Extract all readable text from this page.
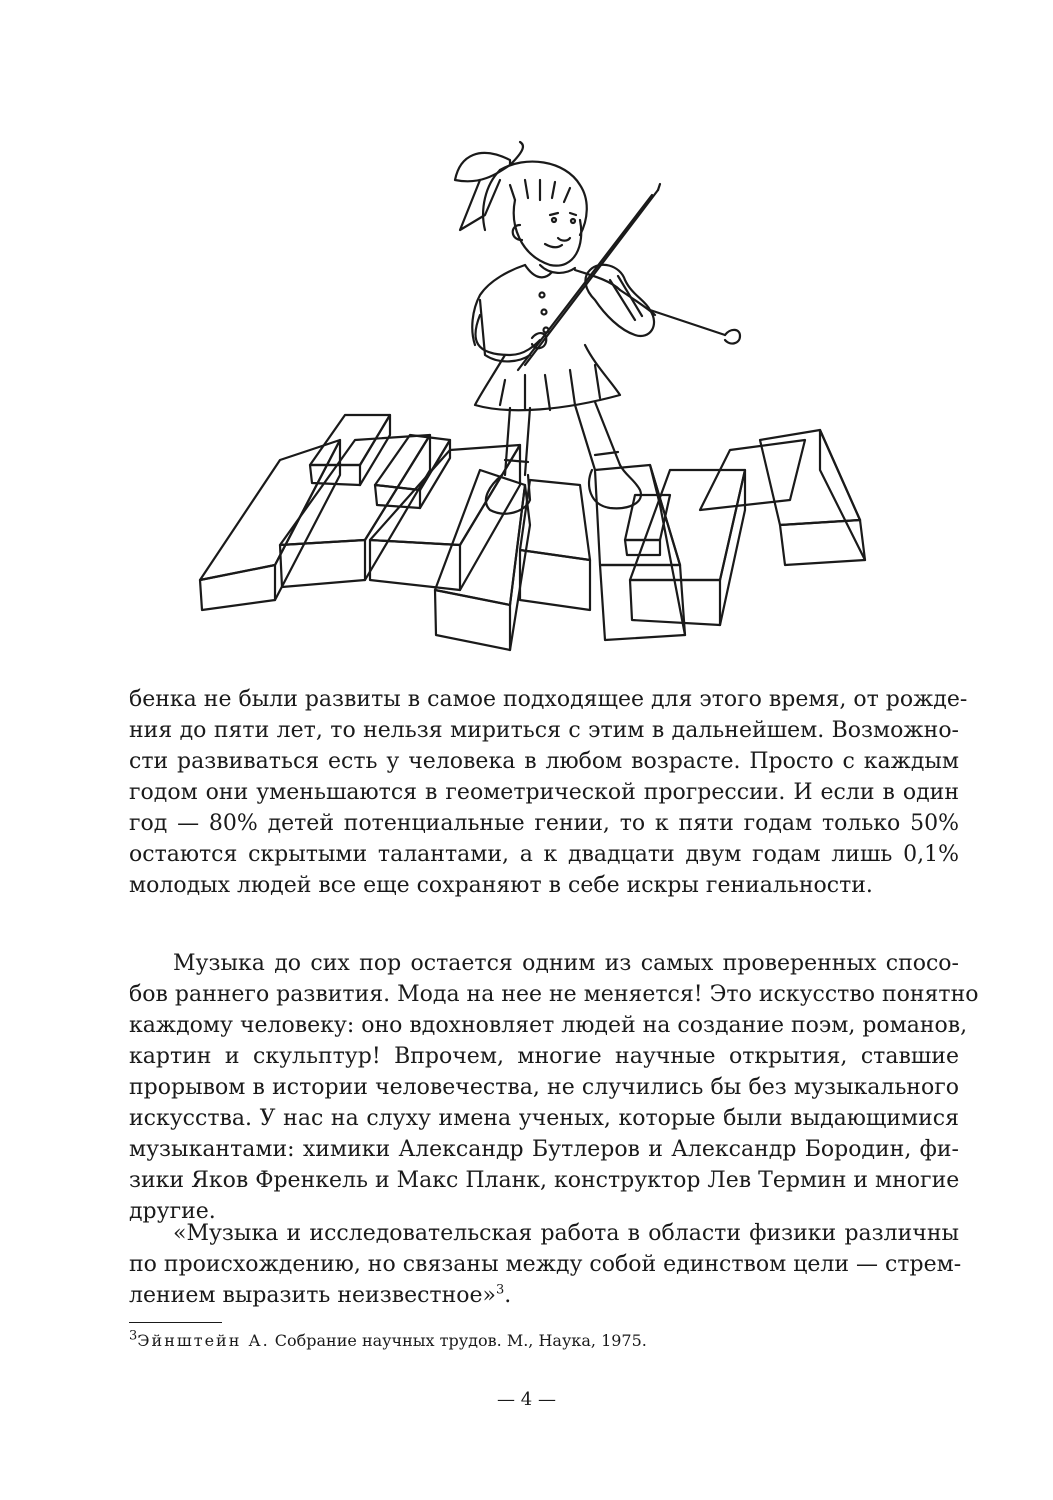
бенка не были развиты в самое подходящее для этого время, от рожде-
ния до пяти лет, то нельзя мириться с этим в дальнейшем. Возможно-
сти развиваться есть у человека в любом возрасте. Просто с каждым
годом они уменьшаются в геометрической прогрессии. И если в один
год — 80% детей потенциальные гении, то к пяти годам только 50%
остаются скрытыми талантами, а к двадцати двум годам лишь 0,1%
молодых людей все еще сохраняют в себе искры гениальности.
Музыка до сих пор остается одним из самых проверенных спосо-
бов раннего развития. Мода на нее не меняется! Это искусство понятно
каждому человеку: оно вдохновляет людей на создание поэм, романов,
картин и скульптур! Впрочем, многие научные открытия, ставшие
прорывом в истории человечества, не случились бы без музыкального
искусства. У нас на слуху имена ученых, которые были выдающимися
музыкантами: химики Александр Бутлеров и Александр Бородин, фи-
зики Яков Френкель и Макс Планк, конструктор Лев Термин и многие
другие.
«Музыка и исследовательская работа в области физики различны
по происхождению, но связаны между собой единством цели — стрем-
лением выразить неизвестное»$^3$.
$^3$Эйнштейн А. Собрание научных трудов. М., Наука, 1975.
— 4 —
